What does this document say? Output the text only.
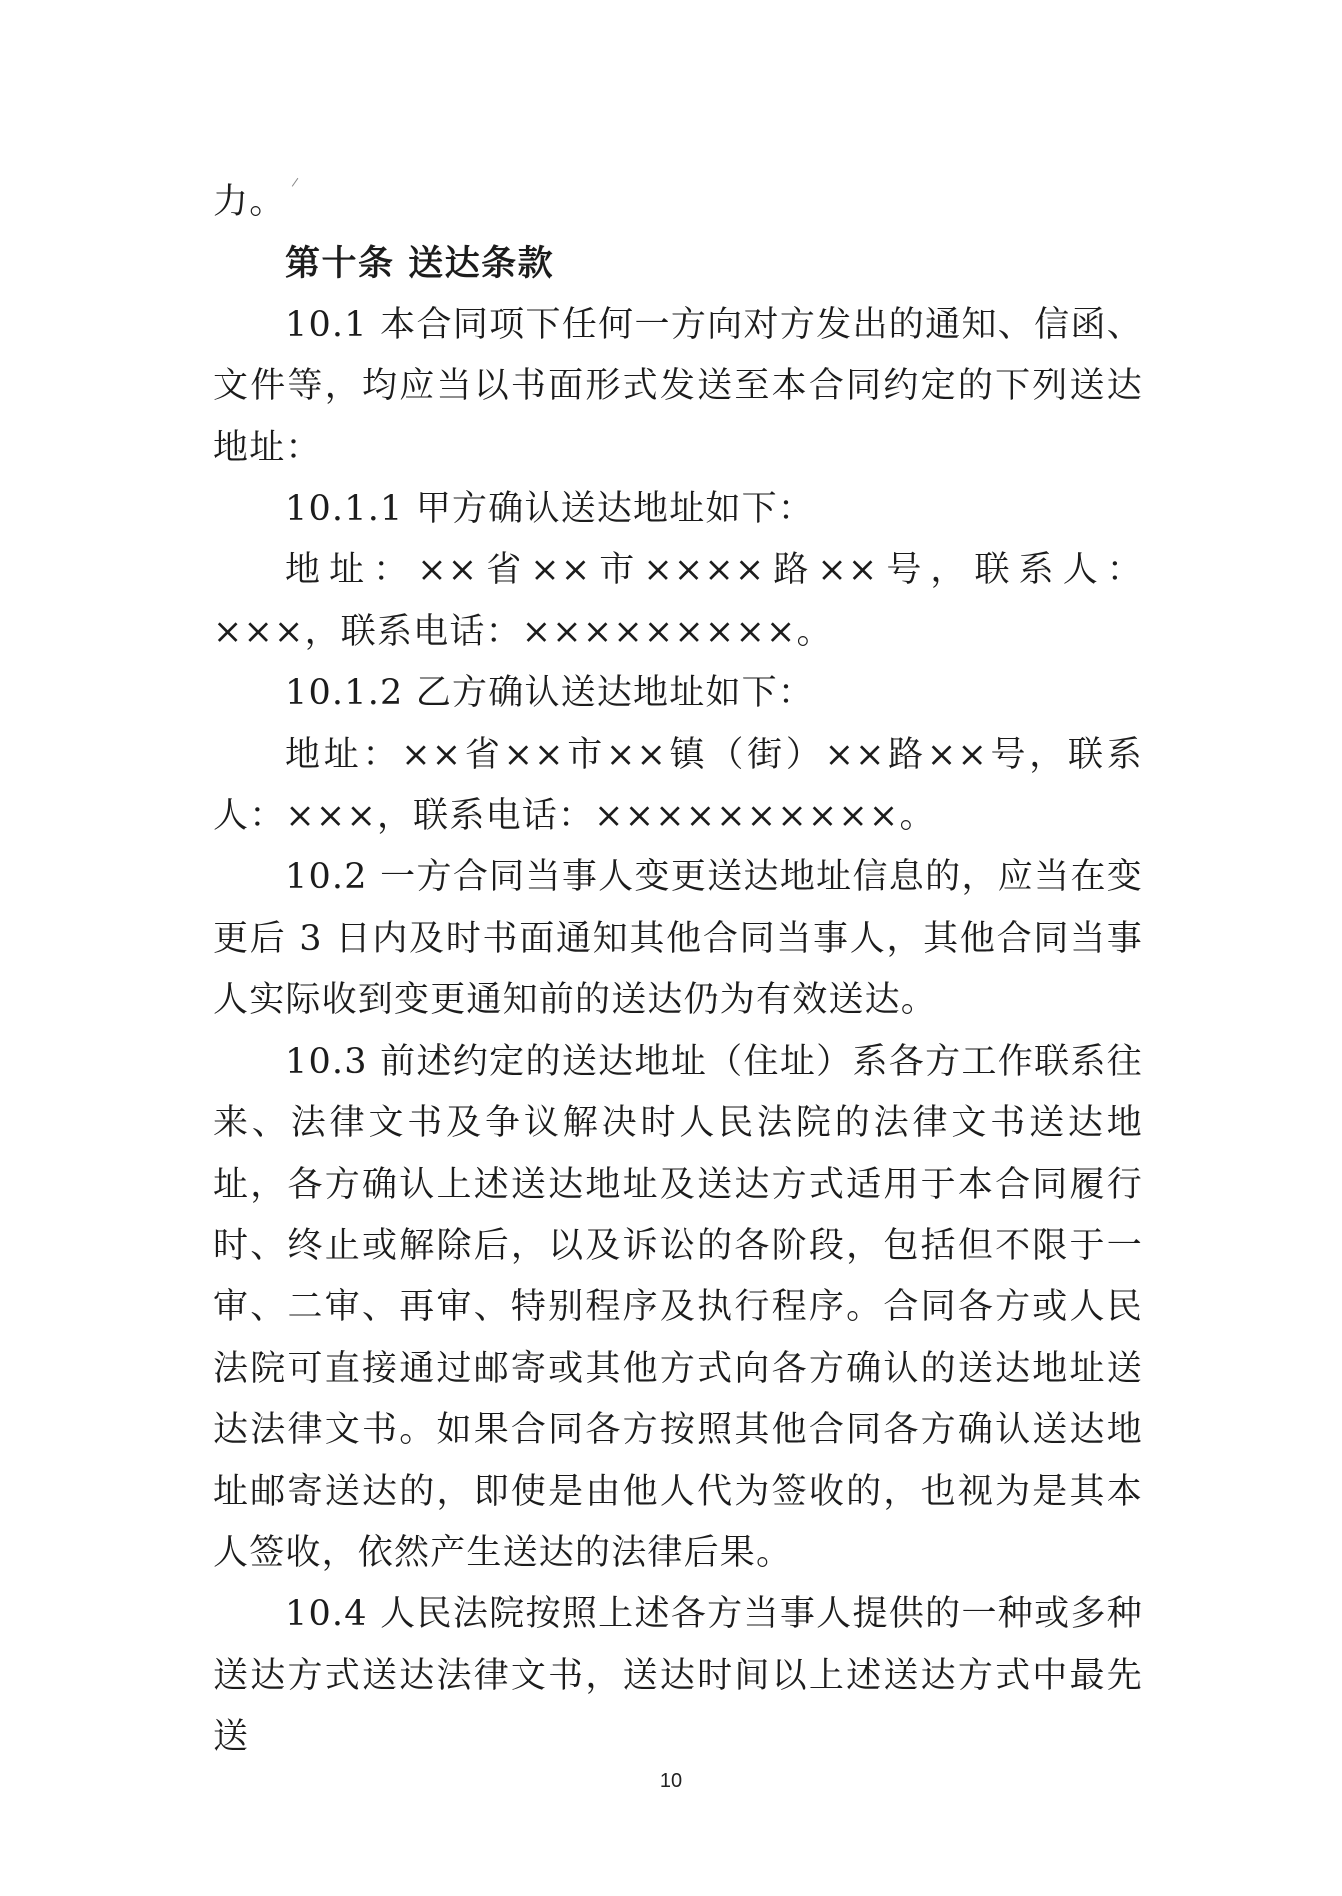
力。

第十条 送达条款

10.1 本合同项下任何一方向对方发出的通知、信函、文件等，均应当以书面形式发送至本合同约定的下列送达地址：

10.1.1 甲方确认送达地址如下：

地址：××省××市××××路××号，联系人：×××，联系电话：×××××××××。

10.1.2 乙方确认送达地址如下：

地址：××省××市××镇（街）××路××号，联系人：×××，联系电话：××××××××××。

10.2 一方合同当事人变更送达地址信息的，应当在变更后 3 日内及时书面通知其他合同当事人，其他合同当事人实际收到变更通知前的送达仍为有效送达。

10.3 前述约定的送达地址（住址）系各方工作联系往来、法律文书及争议解决时人民法院的法律文书送达地址，各方确认上述送达地址及送达方式适用于本合同履行时、终止或解除后，以及诉讼的各阶段，包括但不限于一审、二审、再审、特别程序及执行程序。合同各方或人民法院可直接通过邮寄或其他方式向各方确认的送达地址送达法律文书。如果合同各方按照其他合同各方确认送达地址邮寄送达的，即使是由他人代为签收的，也视为是其本人签收，依然产生送达的法律后果。

10.4 人民法院按照上述各方当事人提供的一种或多种送达方式送达法律文书，送达时间以上述送达方式中最先送

10
